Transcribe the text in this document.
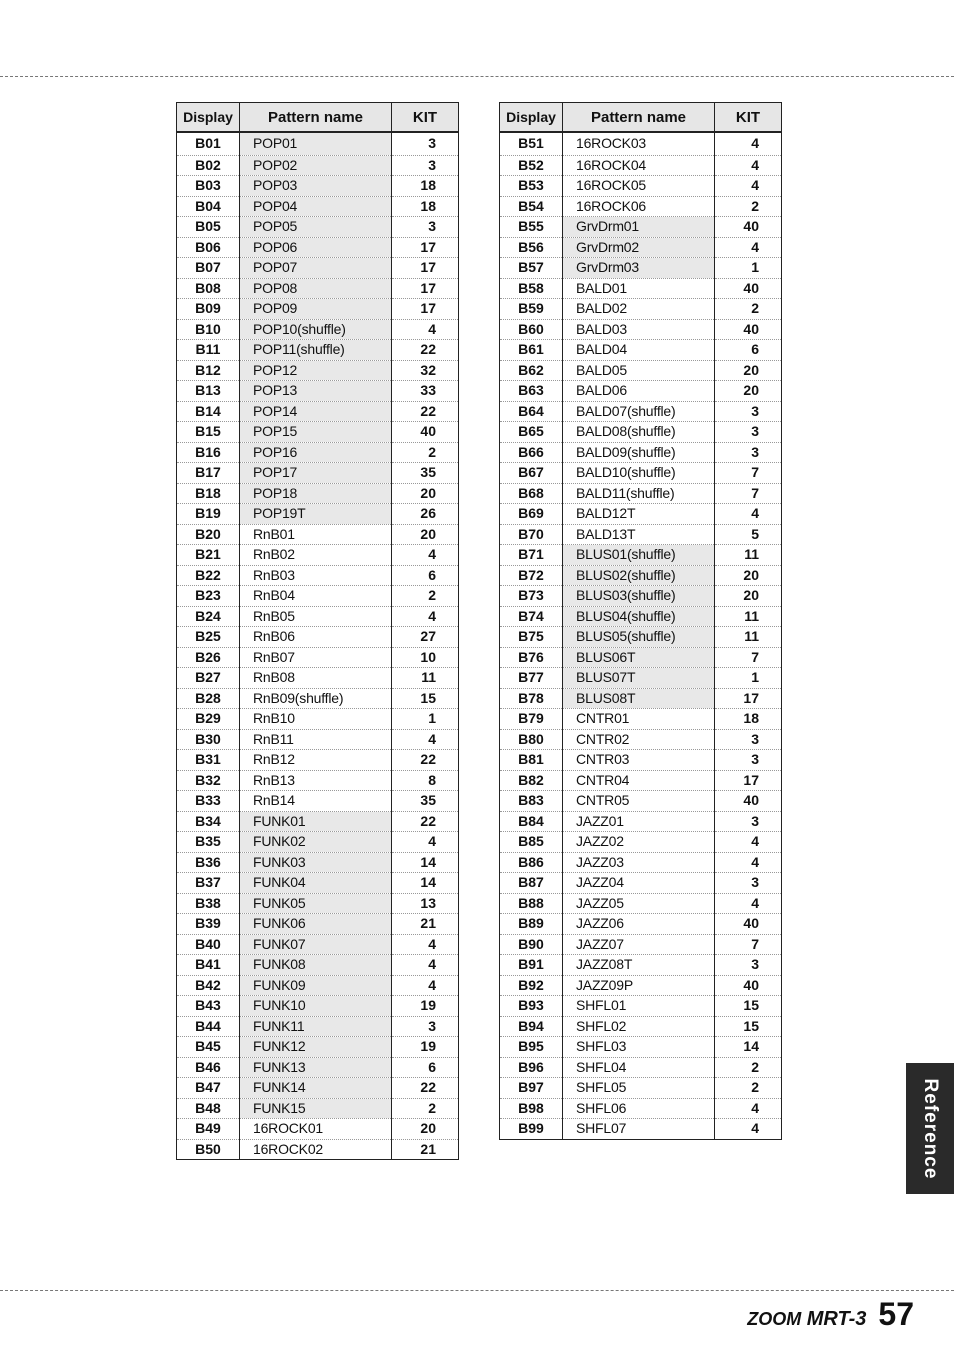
Display	Pattern name	KIT
B01	POP01	3
B02	POP02	3
B03	POP03	18
B04	POP04	18
B05	POP05	3
B06	POP06	17
B07	POP07	17
B08	POP08	17
B09	POP09	17
B10	POP10(shuffle)	4
B11	POP11(shuffle)	22
B12	POP12	32
B13	POP13	33
B14	POP14	22
B15	POP15	40
B16	POP16	2
B17	POP17	35
B18	POP18	20
B19	POP19T	26
B20	RnB01	20
B21	RnB02	4
B22	RnB03	6
B23	RnB04	2
B24	RnB05	4
B25	RnB06	27
B26	RnB07	10
B27	RnB08	11
B28	RnB09(shuffle)	15
B29	RnB10	1
B30	RnB11	4
B31	RnB12	22
B32	RnB13	8
B33	RnB14	35
B34	FUNK01	22
B35	FUNK02	4
B36	FUNK03	14
B37	FUNK04	14
B38	FUNK05	13
B39	FUNK06	21
B40	FUNK07	4
B41	FUNK08	4
B42	FUNK09	4
B43	FUNK10	19
B44	FUNK11	3
B45	FUNK12	19
B46	FUNK13	6
B47	FUNK14	22
B48	FUNK15	2
B49	16ROCK01	20
B50	16ROCK02	21
Display	Pattern name	KIT
B51	16ROCK03	4
B52	16ROCK04	4
B53	16ROCK05	4
B54	16ROCK06	2
B55	GrvDrm01	40
B56	GrvDrm02	4
B57	GrvDrm03	1
B58	BALD01	40
B59	BALD02	2
B60	BALD03	40
B61	BALD04	6
B62	BALD05	20
B63	BALD06	20
B64	BALD07(shuffle)	3
B65	BALD08(shuffle)	3
B66	BALD09(shuffle)	3
B67	BALD10(shuffle)	7
B68	BALD11(shuffle)	7
B69	BALD12T	4
B70	BALD13T	5
B71	BLUS01(shuffle)	11
B72	BLUS02(shuffle)	20
B73	BLUS03(shuffle)	20
B74	BLUS04(shuffle)	11
B75	BLUS05(shuffle)	11
B76	BLUS06T	7
B77	BLUS07T	1
B78	BLUS08T	17
B79	CNTR01	18
B80	CNTR02	3
B81	CNTR03	3
B82	CNTR04	17
B83	CNTR05	40
B84	JAZZ01	3
B85	JAZZ02	4
B86	JAZZ03	4
B87	JAZZ04	3
B88	JAZZ05	4
B89	JAZZ06	40
B90	JAZZ07	7
B91	JAZZ08T	3
B92	JAZZ09P	40
B93	SHFL01	15
B94	SHFL02	15
B95	SHFL03	14
B96	SHFL04	2
B97	SHFL05	2
B98	SHFL06	4
B99	SHFL07	4	Reference
ZOOM MRT-3 57
